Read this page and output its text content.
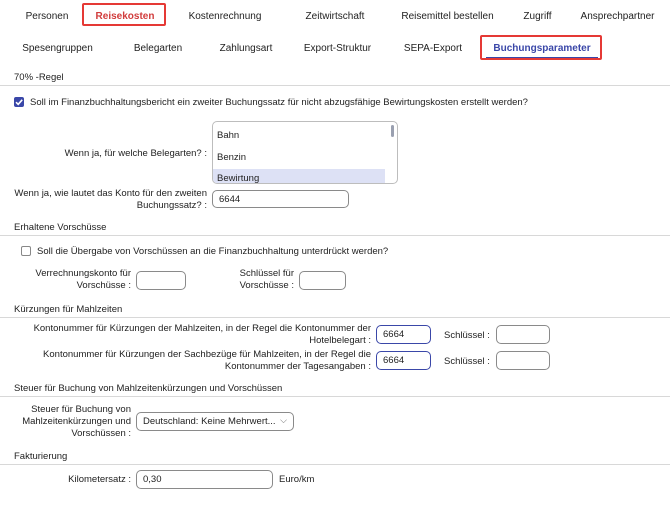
Personen	Reisekosten	Kostenrechnung	Zeitwirtschaft	Reisemittel bestellen	Zugriff	Ansprechpartner
Spesengruppen	Belegarten	Zahlungsart	Export-Struktur	SEPA-Export	Buchungsparameter
70% -Regel
Soll im Finanzbuchhaltungsbericht ein zweiter Buchungssatz für nicht abzugsfähige Bewirtungskosten erstellt werden?
Wenn ja, für welche Belegarten? :
Bahn
Benzin
Bewirtung
Wenn ja, wie lautet das Konto für den zweiten
Buchungssatz? :
6644
Erhaltene Vorschüsse
Soll die Übergabe von Vorschüssen an die Finanzbuchhaltung unterdrückt werden?
Verrechnungskonto für
Vorschüsse :
Schlüssel für
Vorschüsse :
Kürzungen für Mahlzeiten
Kontonummer für Kürzungen der Mahlzeiten, in der Regel die Kontonummer der
Hotelbelegart :
6664	Schlüssel :
Kontonummer für Kürzungen der Sachbezüge für Mahlzeiten, in der Regel die
Kontonummer der Tagesangaben :
6664	Schlüssel :
Steuer für Buchung von Mahlzeitenkürzungen und Vorschüssen
Steuer für Buchung von
Mahlzeitenkürzungen und
Vorschüssen :
Deutschland: Keine Mehrwert... ⌵
Fakturierung
Kilometersatz :	0,30	Euro/km
